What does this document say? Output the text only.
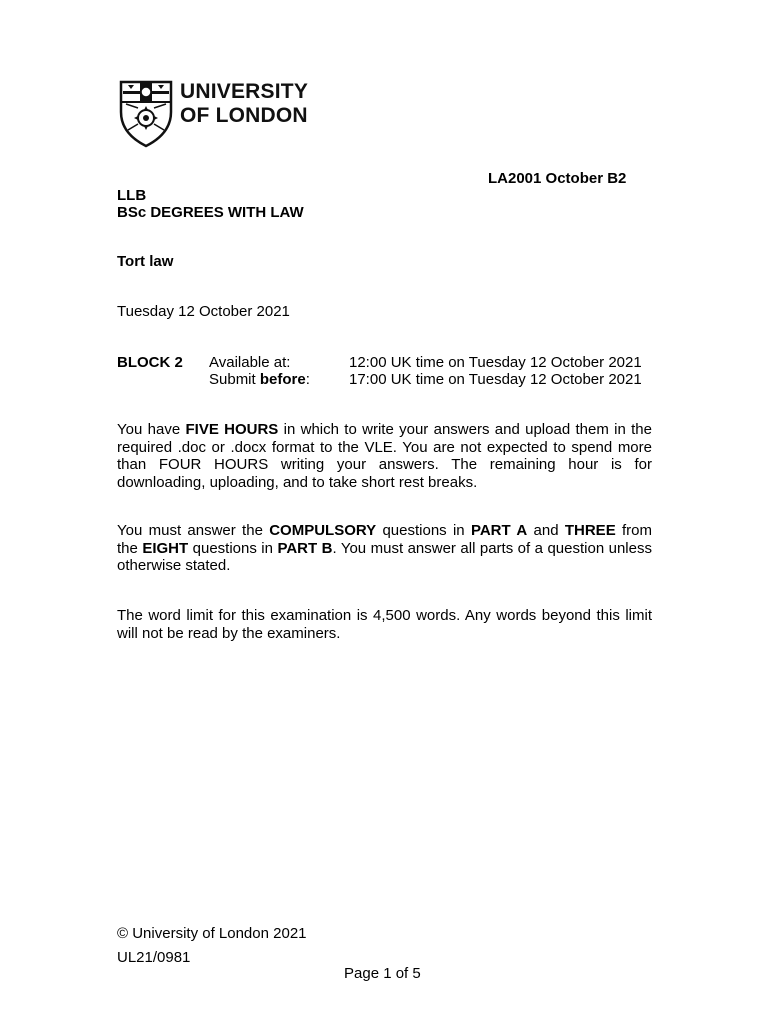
UNIVERSITY
OF LONDON
LA2001 October B2
LLB
BSc DEGREES WITH LAW
Tort law
Tuesday 12 October 2021
BLOCK 2 Available at:	12:00 UK time on Tuesday 12 October 2021
Submit before:	17:00 UK time on Tuesday 12 October 2021
You have FIVE HOURS in which to write your answers and upload them in the required .doc or .docx format to the VLE. You are not expected to spend more than FOUR HOURS writing your answers. The remaining hour is for downloading, uploading, and to take short rest breaks.
You must answer the COMPULSORY questions in PART A and THREE from the EIGHT questions in PART B. You must answer all parts of a question unless otherwise stated.
The word limit for this examination is 4,500 words. Any words beyond this limit will not be read by the examiners.
© University of London 2021
UL21/0981
Page 1 of 5
